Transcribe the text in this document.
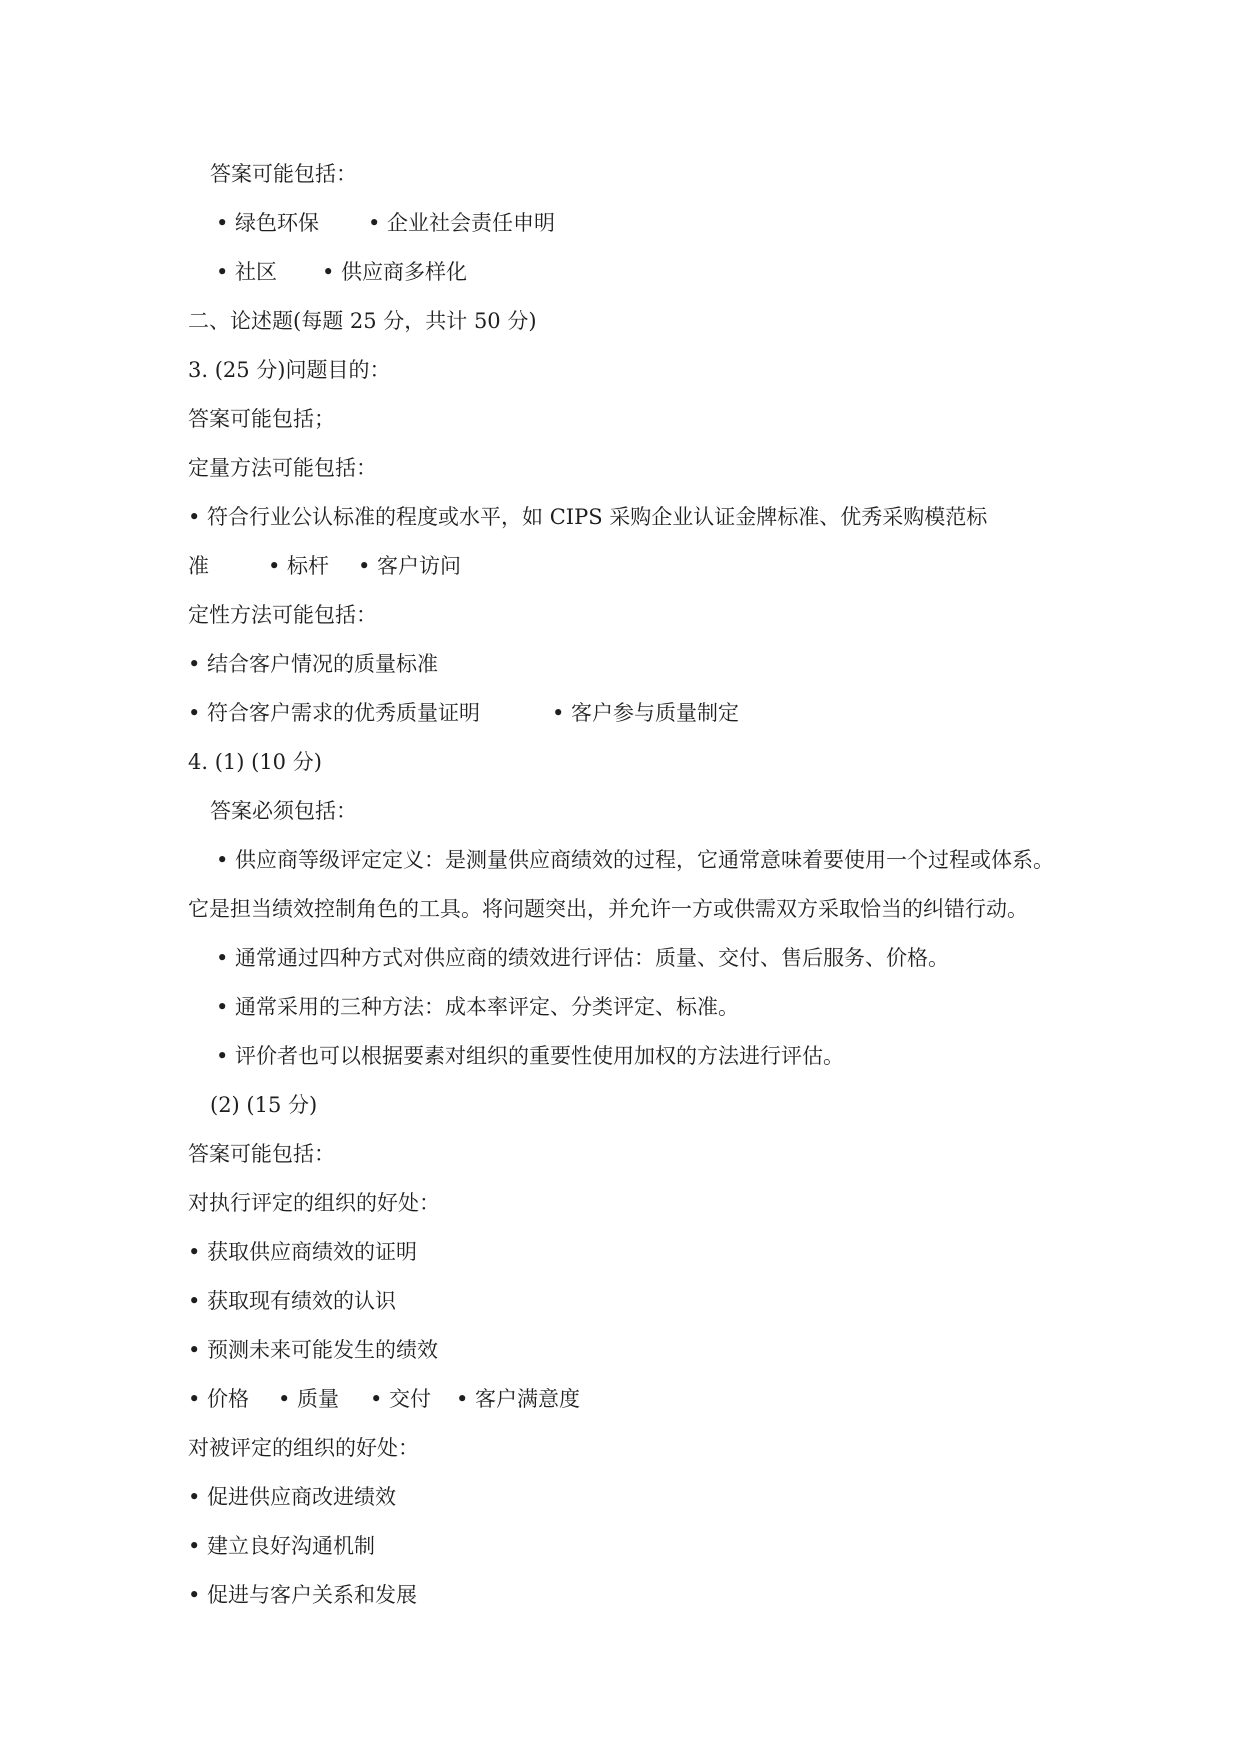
答案可能包括：
• 绿色环保 • 企业社会责任申明
• 社区 • 供应商多样化
二、论述题(每题 25 分，共计 50 分)
3. (25 分)问题目的：
答案可能包括；
定量方法可能包括：
• 符合行业公认标准的程度或水平，如 CIPS 采购企业认证金牌标准、优秀采购模范标
准	• 标杆 • 客户访问
定性方法可能包括：
• 结合客户情况的质量标准
• 符合客户需求的优秀质量证明	• 客户参与质量制定
4. (1) (10 分)
答案必须包括：
• 供应商等级评定定义：是测量供应商绩效的过程，它通常意味着要使用一个过程或体系。
它是担当绩效控制角色的工具。将问题突出，并允许一方或供需双方采取恰当的纠错行动。
• 通常通过四种方式对供应商的绩效进行评估：质量、交付、售后服务、价格。
• 通常采用的三种方法：成本率评定、分类评定、标准。
• 评价者也可以根据要素对组织的重要性使用加权的方法进行评估。
(2) (15 分)
答案可能包括：
对执行评定的组织的好处：
• 获取供应商绩效的证明
• 获取现有绩效的认识
• 预测未来可能发生的绩效
• 价格 • 质量 • 交付 • 客户满意度
对被评定的组织的好处：
• 促进供应商改进绩效
• 建立良好沟通机制
• 促进与客户关系和发展
